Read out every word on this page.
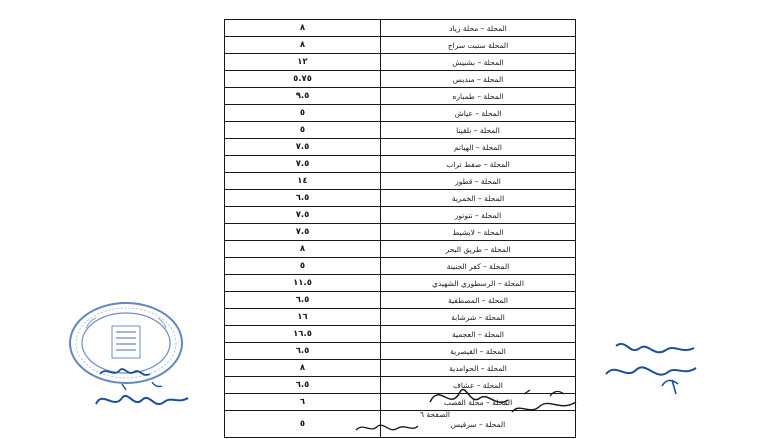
المحلة – محلة زياد	٨
المحلة سنبت سراج	٨
المحلة – بشبيش	١٢
المحلة – منديس	٥.٧٥
المحلة – طمباره	٩.٥
المحلة – عياش	٥
المحلة – بلقينا	٥
المحلة – الهياتم	٧.٥
المحلة – صفط تراب	٧.٥
المحلة – قطور	١٤
المحلة – الخمرية	٦.٥
المحلة – نتوتور	٧.٥
المحلة – لايشيط	٧.٥
المحلة – طريق البحر	٨
المحلة – كفر الجنينة	٥
المحلة – الرسطوري الشهيدي	١١.٥
المحلة – المصطفية	٦.٥
المحلة – شرشابة	١٦
المحلة – العجمية	١٦.٥
المحلة – القيصرية	٦.٥
المحلة – الحوامدية	٨
المحلة – عشاف	٦.٥
المحلة – محلة القصب	٦
المحلة – سرفيس	٥
الصفحة ٦
